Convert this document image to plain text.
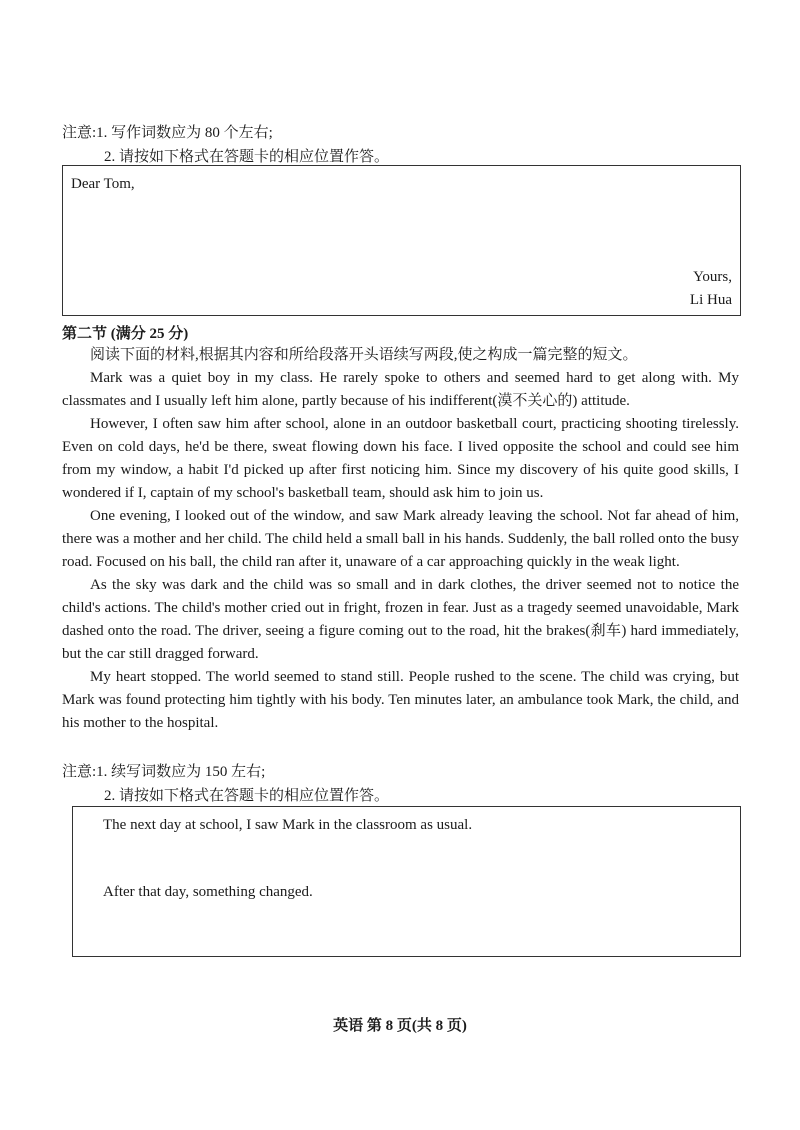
注意:1. 写作词数应为 80 个左右;
2. 请按如下格式在答题卡的相应位置作答。
Dear Tom,
Yours,
Li Hua
第二节 (满分 25 分)

阅读下面的材料,根据其内容和所给段落开头语续写两段,使之构成一篇完整的短文。

Mark was a quiet boy in my class. He rarely spoke to others and seemed hard to get along with. My classmates and I usually left him alone, partly because of his indifferent(漠不关心的) attitude.

However, I often saw him after school, alone in an outdoor basketball court, practicing shooting tirelessly. Even on cold days, he'd be there, sweat flowing down his face. I lived opposite the school and could see him from my window, a habit I'd picked up after first noticing him. Since my discovery of his quite good skills, I wondered if I, captain of my school's basketball team, should ask him to join us.

One evening, I looked out of the window, and saw Mark already leaving the school. Not far ahead of him, there was a mother and her child. The child held a small ball in his hands. Suddenly, the ball rolled onto the busy road. Focused on his ball, the child ran after it, unaware of a car approaching quickly in the weak light.

As the sky was dark and the child was so small and in dark clothes, the driver seemed not to notice the child's actions. The child's mother cried out in fright, frozen in fear. Just as a tragedy seemed unavoidable, Mark dashed onto the road. The driver, seeing a figure coming out to the road, hit the brakes(刹车) hard immediately, but the car still dragged forward.

My heart stopped. The world seemed to stand still. People rushed to the scene. The child was crying, but Mark was found protecting him tightly with his body. Ten minutes later, an ambulance took Mark, the child, and his mother to the hospital.

注意:1. 续写词数应为 150 左右;
2. 请按如下格式在答题卡的相应位置作答。
The next day at school, I saw Mark in the classroom as usual.
After that day, something changed.
英语 第 8 页(共 8 页)
